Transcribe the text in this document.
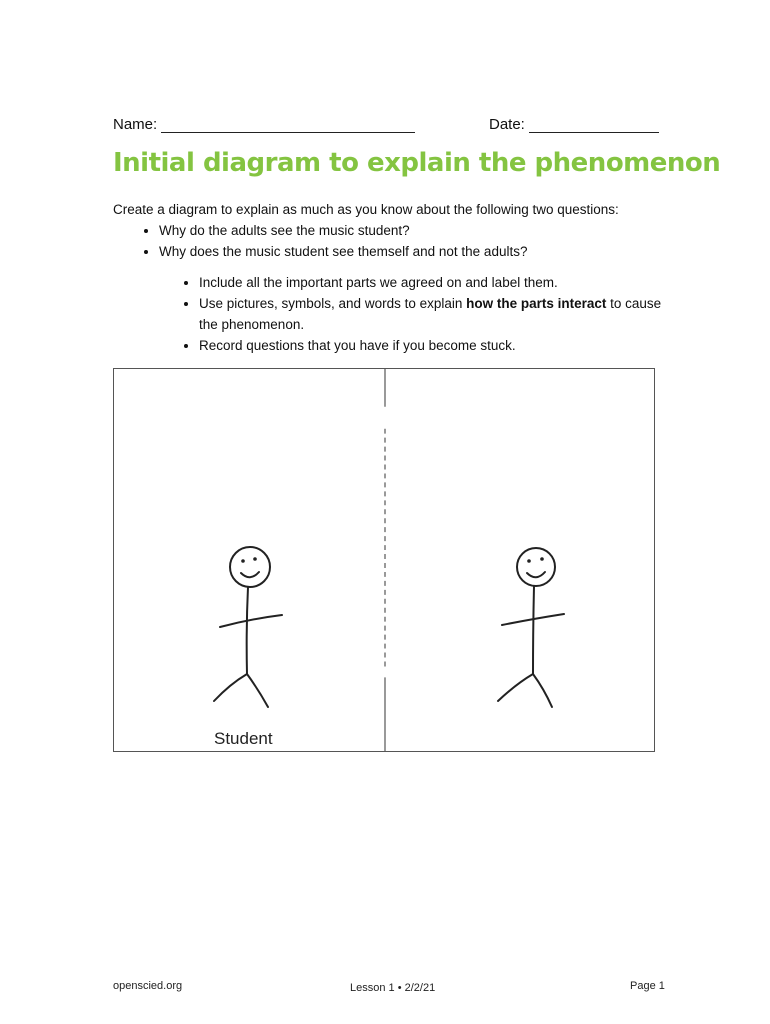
Name:	Date:
Initial diagram to explain the phenomenon
Create a diagram to explain as much as you know about the following two questions:
• Why do the adults see the music student?
• Why does the music student see themself and not the adults?
• Include all the important parts we agreed on and label them.
• Use pictures, symbols, and words to explain how the parts interact to cause the phenomenon.
• Record questions that you have if you become stuck.
Student
openscied.org	Lesson 1 • 2/2/21	Page 1
